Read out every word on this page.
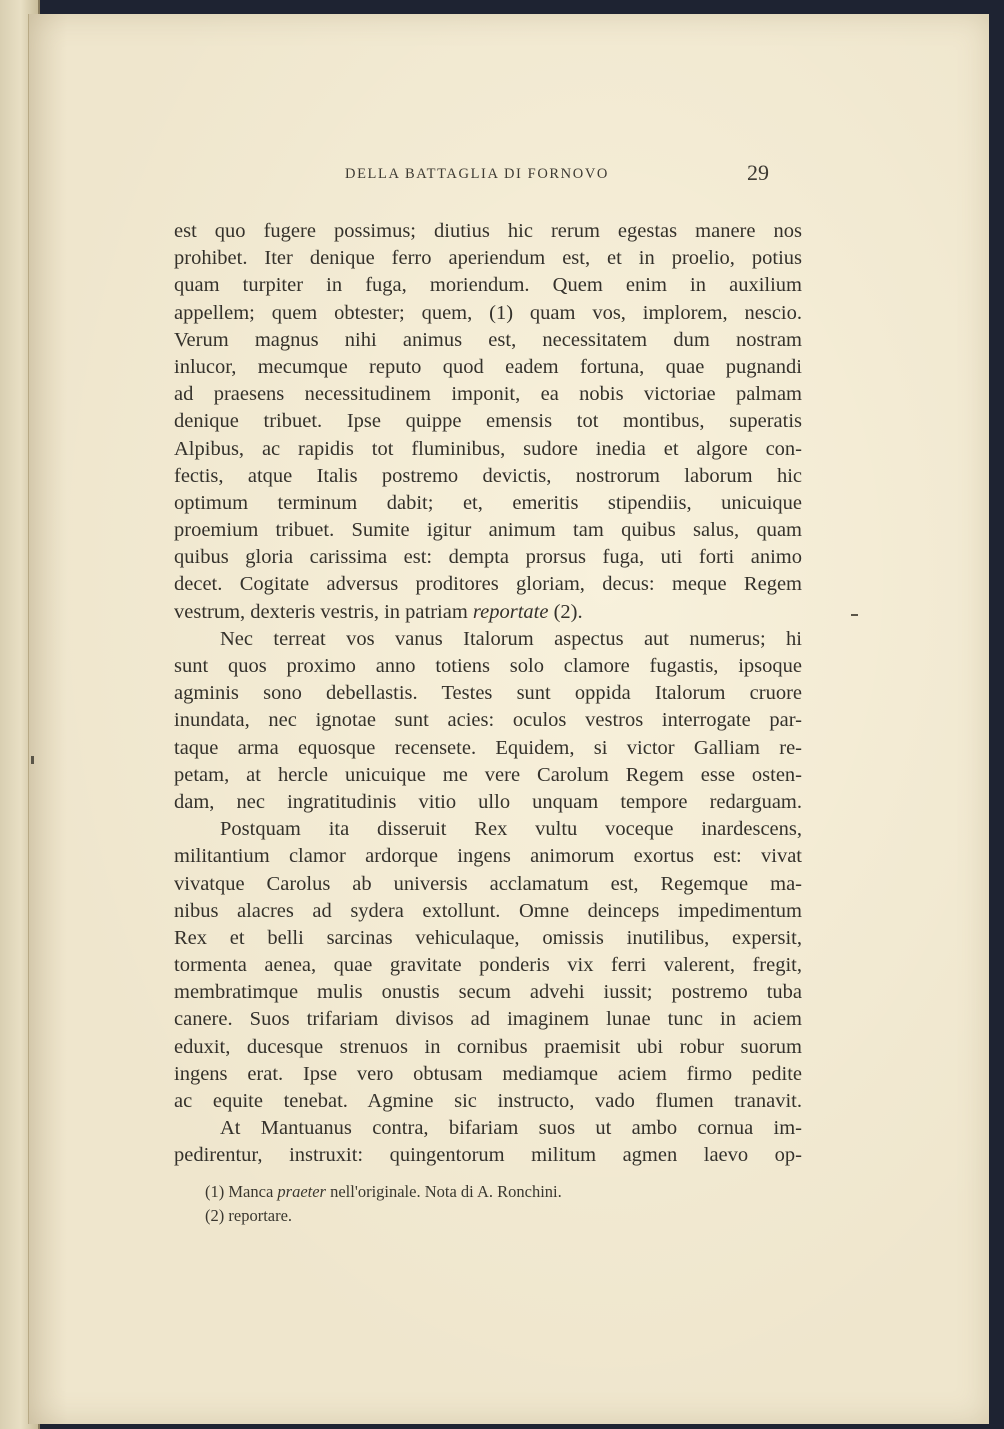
DELLA BATTAGLIA DI FORNOVO	29
est quo fugere possimus; diutius hic rerum egestas manere nos
prohibet. Iter denique ferro aperiendum est, et in proelio, potius
quam turpiter in fuga, moriendum. Quem enim in auxilium
appellem; quem obtester; quem, (1) quam vos, implorem, nescio.
Verum magnus nihi animus est, necessitatem dum nostram
inlucor, mecumque reputo quod eadem fortuna, quae pugnandi
ad praesens necessitudinem imponit, ea nobis victoriae palmam
denique tribuet. Ipse quippe emensis tot montibus, superatis
Alpibus, ac rapidis tot fluminibus, sudore inedia et algore con-
fectis, atque Italis postremo devictis, nostrorum laborum hic
optimum terminum dabit; et, emeritis stipendiis, unicuique
proemium tribuet. Sumite igitur animum tam quibus salus, quam
quibus gloria carissima est: dempta prorsus fuga, uti forti animo
decet. Cogitate adversus proditores gloriam, decus: meque Regem
vestrum, dexteris vestris, in patriam reportate (2).
Nec terreat vos vanus Italorum aspectus aut numerus; hi
sunt quos proximo anno totiens solo clamore fugastis, ipsoque
agminis sono debellastis. Testes sunt oppida Italorum cruore
inundata, nec ignotae sunt acies: oculos vestros interrogate par-
taque arma equosque recensete. Equidem, si victor Galliam re-
petam, at hercle unicuique me vere Carolum Regem esse osten-
dam, nec ingratitudinis vitio ullo unquam tempore redarguam.
Postquam ita disseruit Rex vultu voceque inardescens,
militantium clamor ardorque ingens animorum exortus est: vivat
vivatque Carolus ab universis acclamatum est, Regemque ma-
nibus alacres ad sydera extollunt. Omne deinceps impedimentum
Rex et belli sarcinas vehiculaque, omissis inutilibus, expersit,
tormenta aenea, quae gravitate ponderis vix ferri valerent, fregit,
membratimque mulis onustis secum advehi iussit; postremo tuba
canere. Suos trifariam divisos ad imaginem lunae tunc in aciem
eduxit, ducesque strenuos in cornibus praemisit ubi robur suorum
ingens erat. Ipse vero obtusam mediamque aciem firmo pedite
ac equite tenebat. Agmine sic instructo, vado flumen tranavit.
At Mantuanus contra, bifariam suos ut ambo cornua im-
pedirentur, instruxit: quingentorum militum agmen laevo op-
(1) Manca praeter nell'originale. Nota di A. Ronchini.
(2) reportare.
